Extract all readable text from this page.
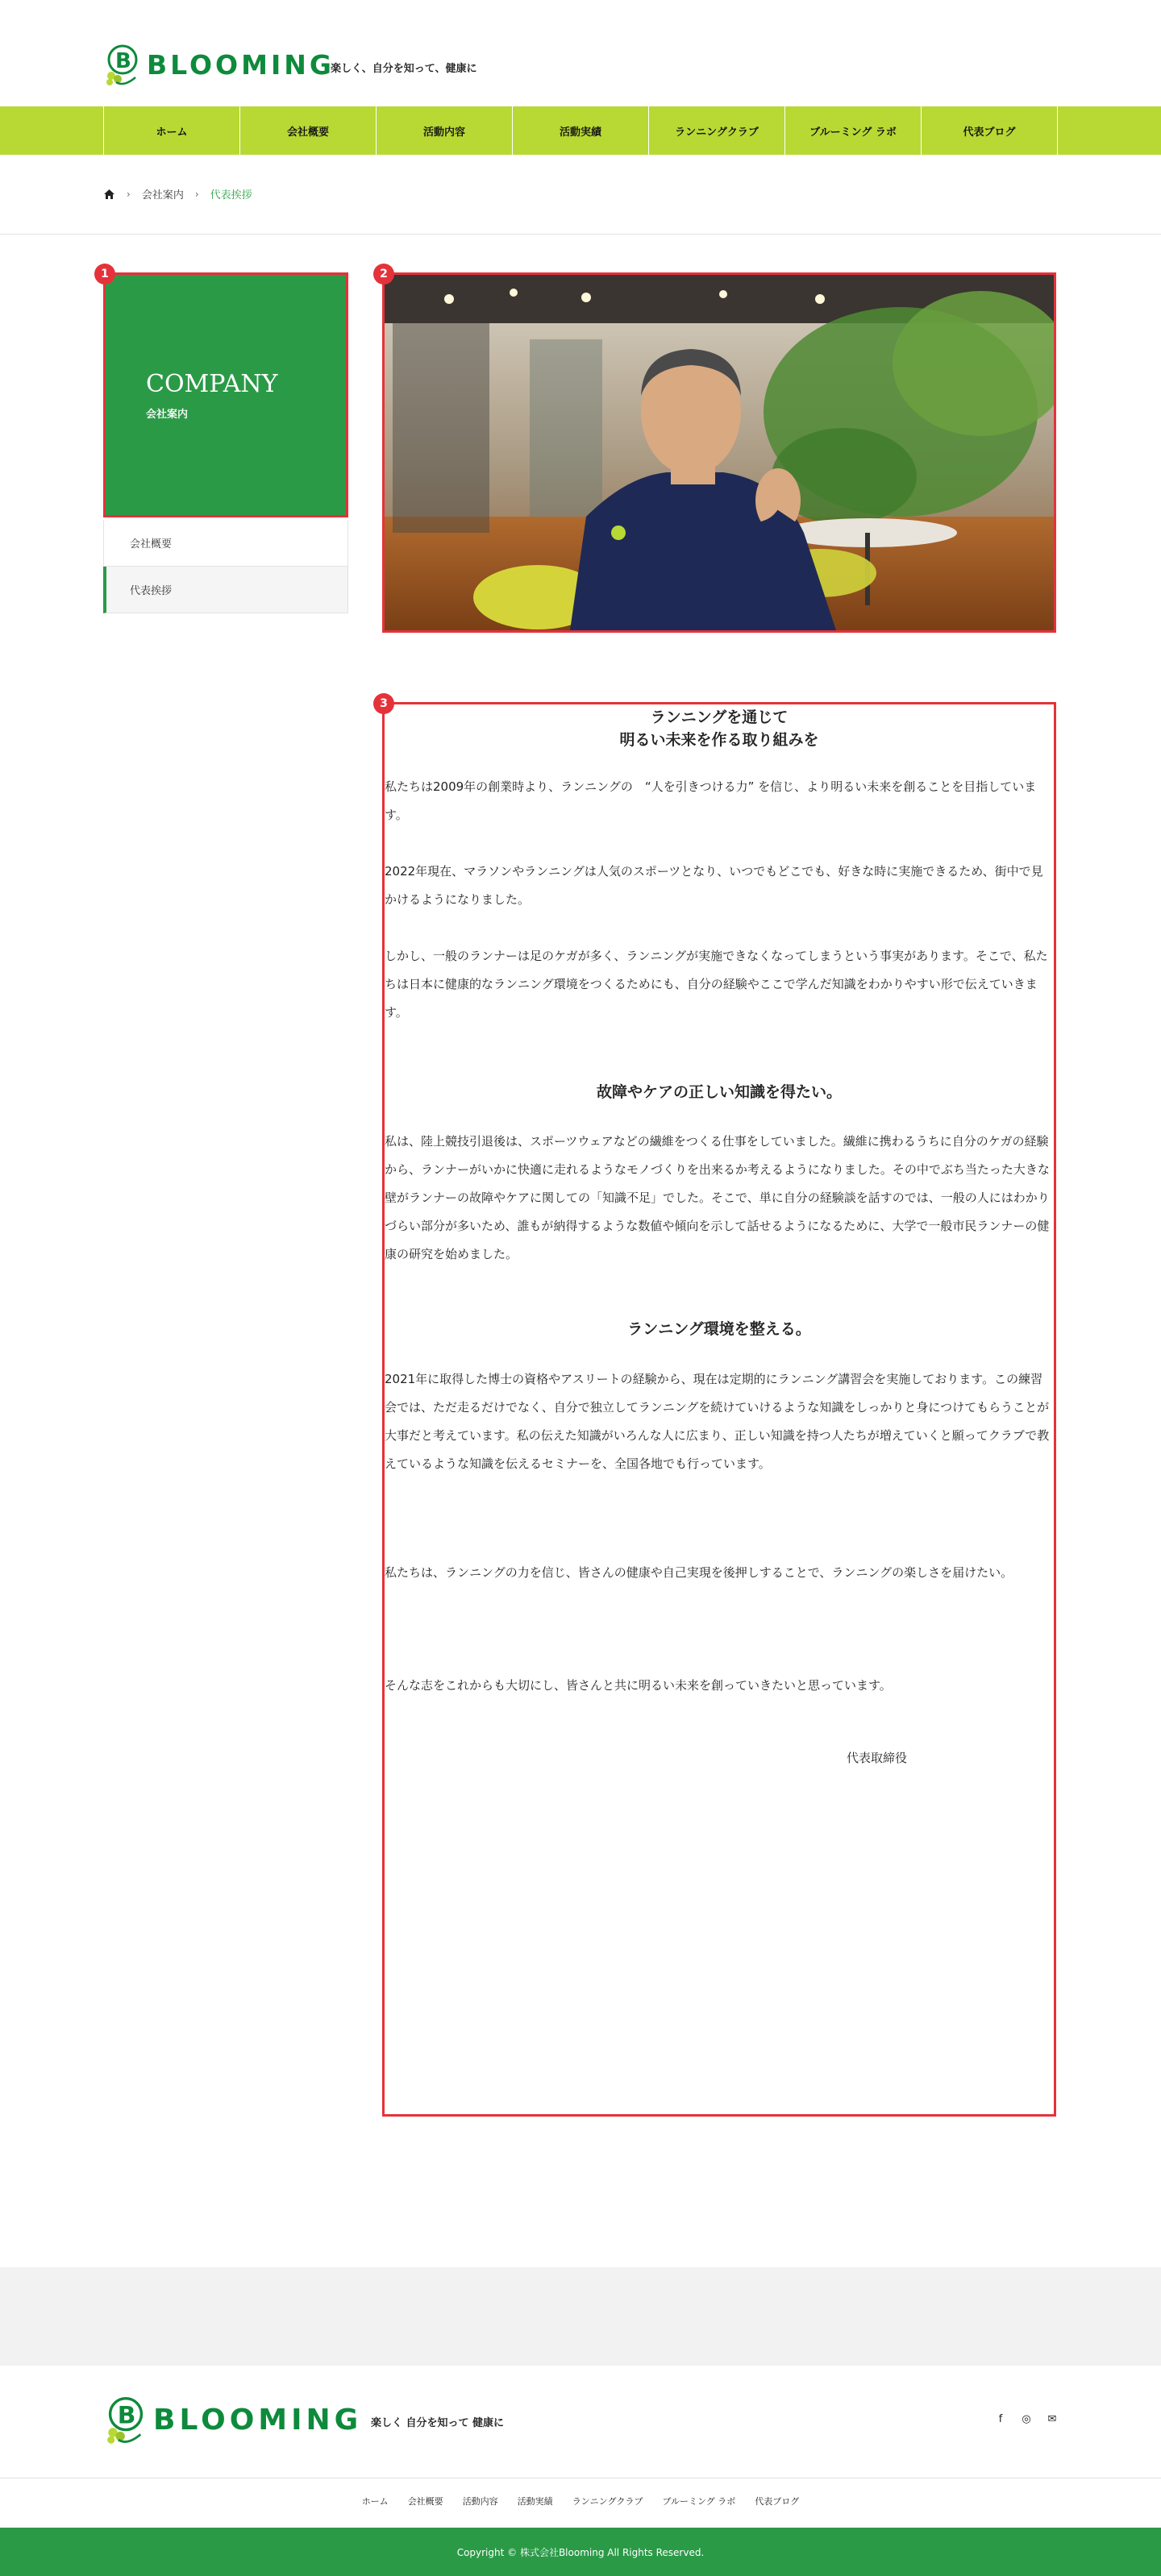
B BLOOMING
楽しく、自分を知って、健康に
ホーム	会社概要	活動内容	活動実績	ランニングクラブ	ブルーミング ラボ	代表ブログ
› 会社案内 › 代表挨拶
COMPANY
会社案内
会社概要
代表挨拶
1	2
ランニングを通じて
明るい未来を作る取り組みを

私たちは2009年の創業時より、ランニングの　“人を引きつける力” を信じ、より明るい未来を創ることを目指しています。

2022年現在、マラソンやランニングは人気のスポーツとなり、いつでもどこでも、好きな時に実施できるため、街中で見かけるようになりました。

しかし、一般のランナーは足のケガが多く、ランニングが実施できなくなってしまうという事実があります。そこで、私たちは日本に健康的なランニング環境をつくるためにも、自分の経験やここで学んだ知識をわかりやすい形で伝えていきます。

故障やケアの正しい知識を得たい。

私は、陸上競技引退後は、スポーツウェアなどの繊維をつくる仕事をしていました。繊維に携わるうちに自分のケガの経験から、ランナーがいかに快適に走れるようなモノづくりを出来るか考えるようになりました。その中でぶち当たった大きな壁がランナーの故障やケアに関しての「知識不足」でした。そこで、単に自分の経験談を話すのでは、一般の人にはわかりづらい部分が多いため、誰もが納得するような数値や傾向を示して話せるようになるために、大学で一般市民ランナーの健康の研究を始めました。

ランニング環境を整える。

2021年に取得した博士の資格やアスリートの経験から、現在は定期的にランニング講習会を実施しております。この練習会では、ただ走るだけでなく、自分で独立してランニングを続けていけるような知識をしっかりと身につけてもらうことが大事だと考えています。私の伝えた知識がいろんな人に広まり、正しい知識を持つ人たちが増えていくと願ってクラブで教えているような知識を伝えるセミナーを、全国各地でも行っています。

私たちは、ランニングの力を信じ、皆さんの健康や自己実現を後押しすることで、ランニングの楽しさを届けたい。

そんな志をこれからも大切にし、皆さんと共に明るい未来を創っていきたいと思っています。

代表取締役
3
B BLOOMING 楽しく 自分を知って 健康に	f	◎ ✉
ホーム 会社概要 活動内容 活動実績 ランニングクラブ ブルーミング ラボ 代表ブログ
Copyright © 株式会社Blooming All Rights Reserved.
